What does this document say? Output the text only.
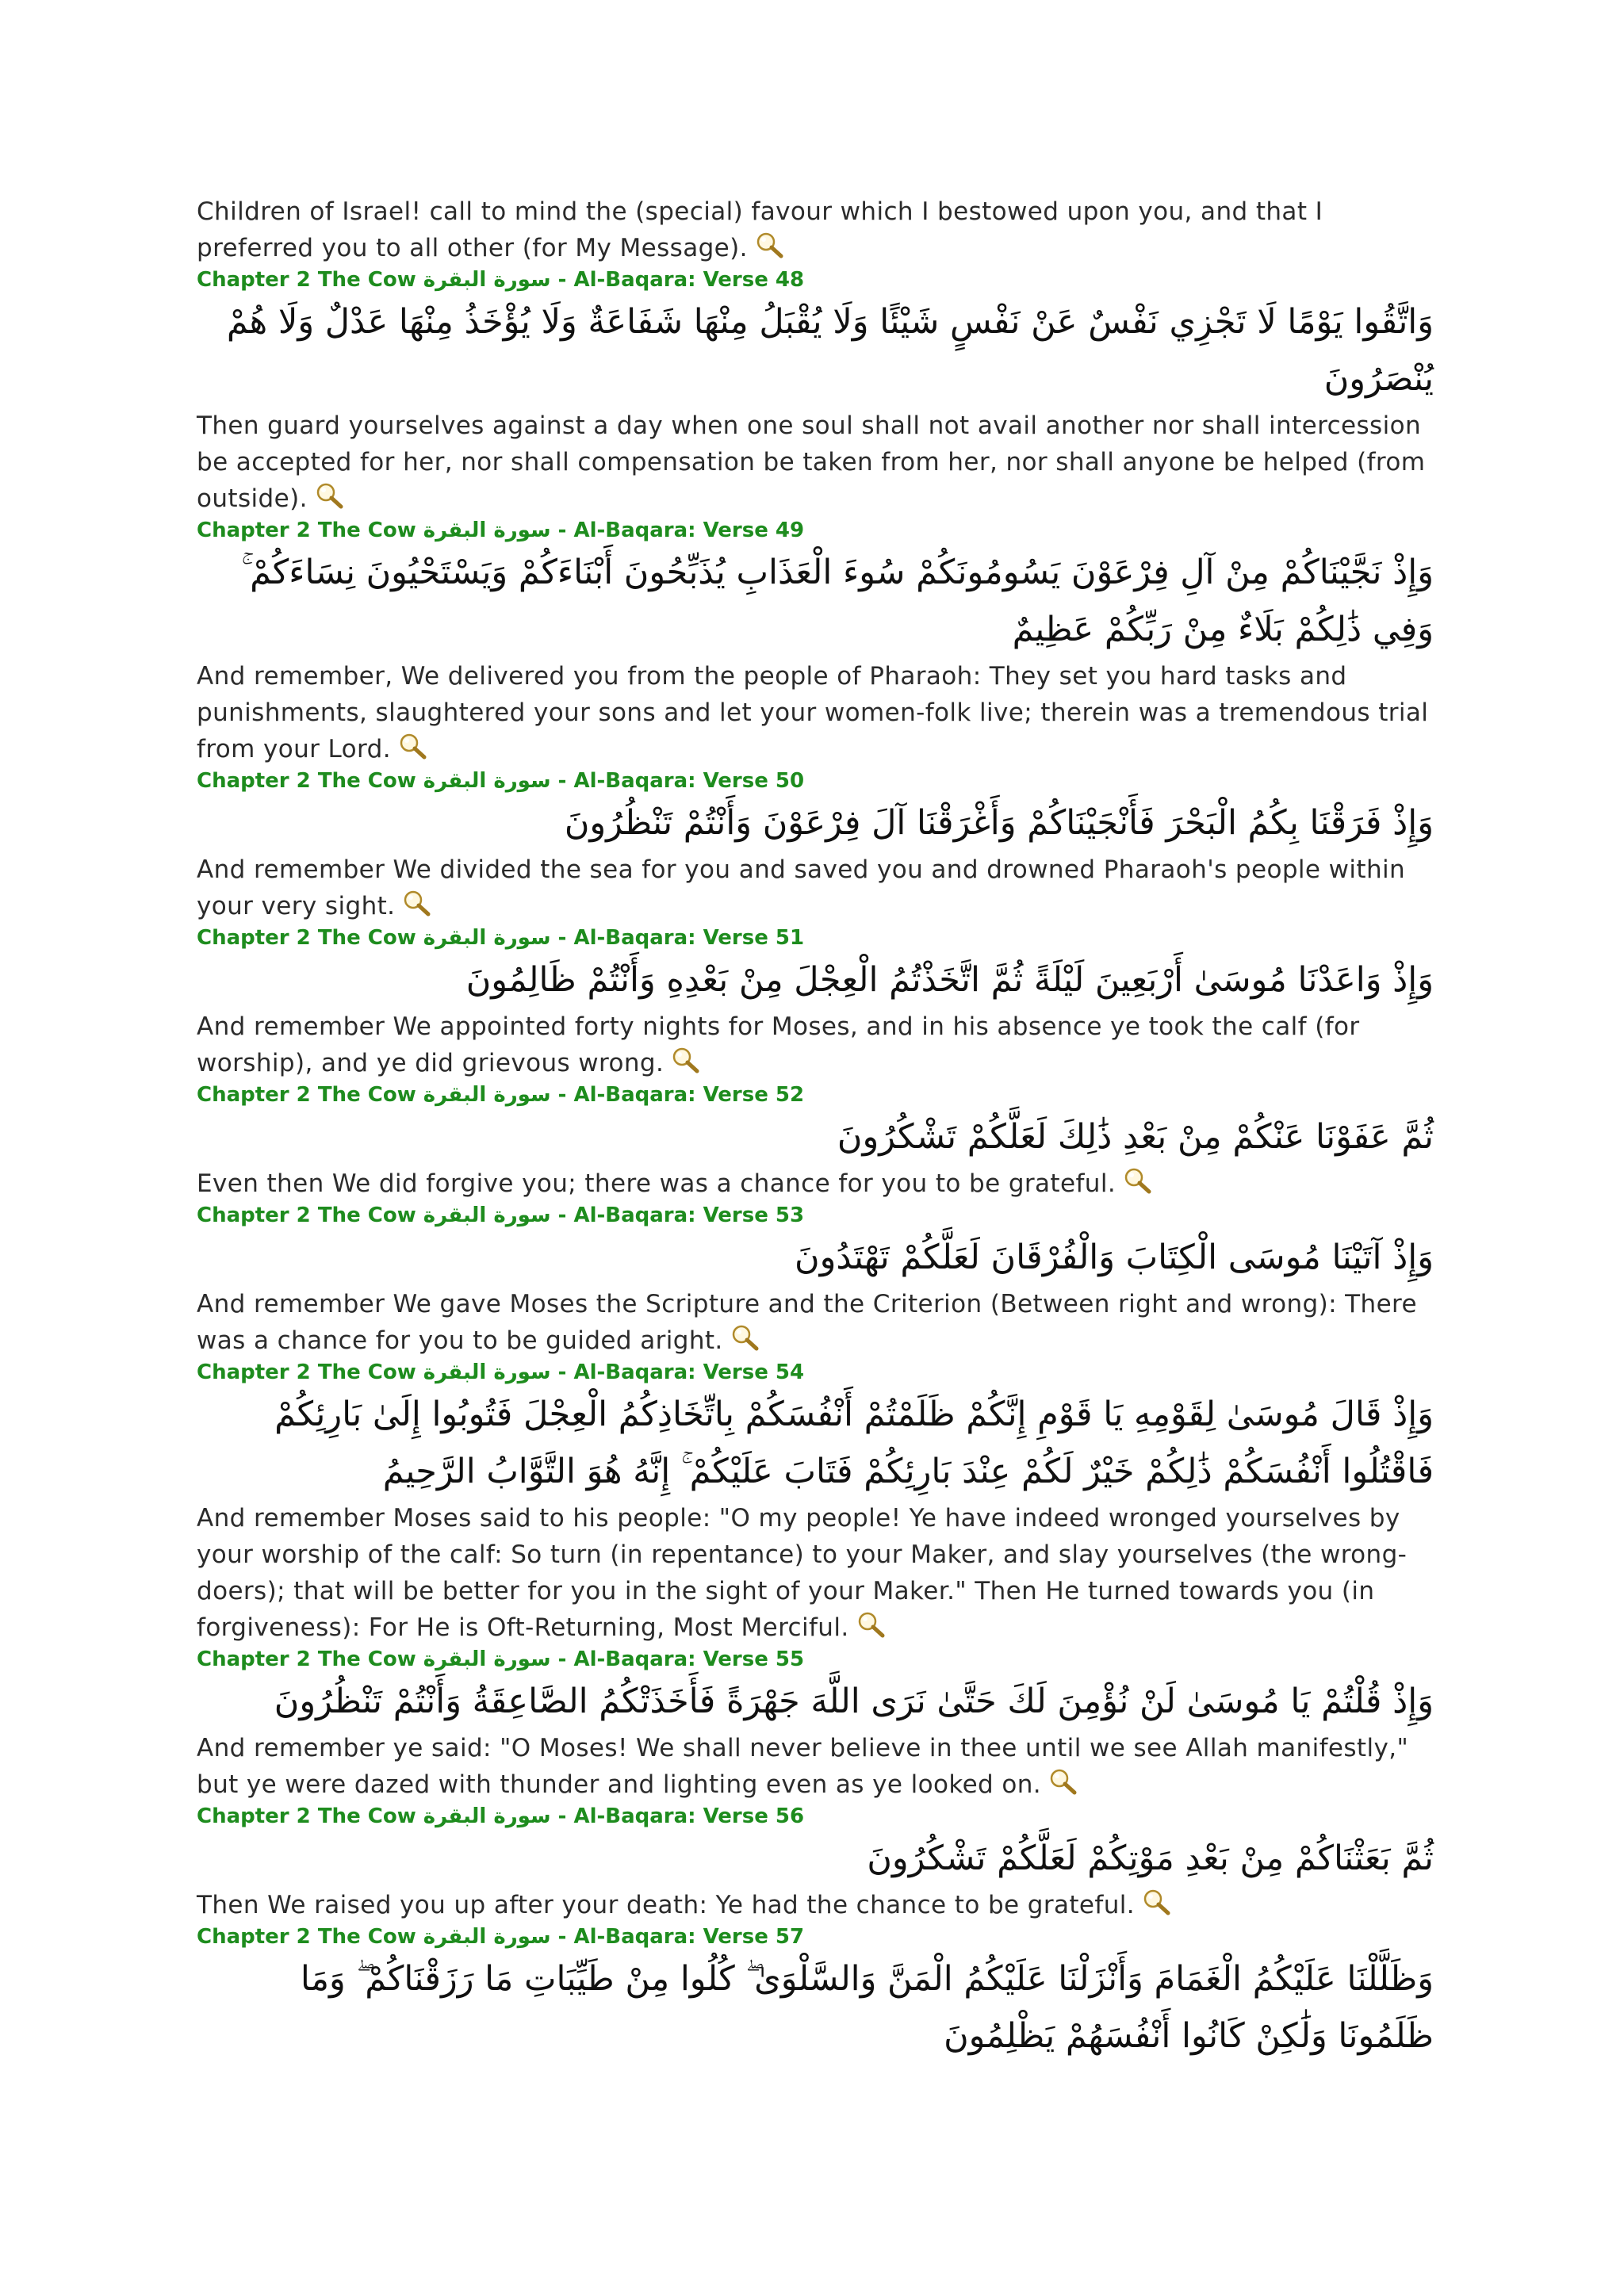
Children of Israel! call to mind the (special) favour which I bestowed upon you, and that I preferred you to all other (for My Message).

Chapter 2 The Cow سورة البقرة - Al-Baqara: Verse 48

وَاتَّقُوا يَوْمًا لَا تَجْزِي نَفْسٌ عَنْ نَفْسٍ شَيْئًا وَلَا يُقْبَلُ مِنْهَا شَفَاعَةٌ وَلَا يُؤْخَذُ مِنْهَا عَدْلٌ وَلَا هُمْ يُنْصَرُونَ

Then guard yourselves against a day when one soul shall not avail another nor shall intercession be accepted for her, nor shall compensation be taken from her, nor shall anyone be helped (from outside).

Chapter 2 The Cow سورة البقرة - Al-Baqara: Verse 49

وَإِذْ نَجَّيْنَاكُمْ مِنْ آلِ فِرْعَوْنَ يَسُومُونَكُمْ سُوءَ الْعَذَابِ يُذَبِّحُونَ أَبْنَاءَكُمْ وَيَسْتَحْيُونَ نِسَاءَكُمْ ۚ وَفِي ذَٰلِكُمْ بَلَاءٌ مِنْ رَبِّكُمْ عَظِيمٌ

And remember, We delivered you from the people of Pharaoh: They set you hard tasks and punishments, slaughtered your sons and let your women-folk live; therein was a tremendous trial from your Lord.

Chapter 2 The Cow سورة البقرة - Al-Baqara: Verse 50

وَإِذْ فَرَقْنَا بِكُمُ الْبَحْرَ فَأَنْجَيْنَاكُمْ وَأَغْرَقْنَا آلَ فِرْعَوْنَ وَأَنْتُمْ تَنْظُرُونَ

And remember We divided the sea for you and saved you and drowned Pharaoh's people within your very sight.

Chapter 2 The Cow سورة البقرة - Al-Baqara: Verse 51

وَإِذْ وَاعَدْنَا مُوسَىٰ أَرْبَعِينَ لَيْلَةً ثُمَّ اتَّخَذْتُمُ الْعِجْلَ مِنْ بَعْدِهِ وَأَنْتُمْ ظَالِمُونَ

And remember We appointed forty nights for Moses, and in his absence ye took the calf (for worship), and ye did grievous wrong.

Chapter 2 The Cow سورة البقرة - Al-Baqara: Verse 52

ثُمَّ عَفَوْنَا عَنْكُمْ مِنْ بَعْدِ ذَٰلِكَ لَعَلَّكُمْ تَشْكُرُونَ

Even then We did forgive you; there was a chance for you to be grateful.

Chapter 2 The Cow سورة البقرة - Al-Baqara: Verse 53

وَإِذْ آتَيْنَا مُوسَى الْكِتَابَ وَالْفُرْقَانَ لَعَلَّكُمْ تَهْتَدُونَ

And remember We gave Moses the Scripture and the Criterion (Between right and wrong): There was a chance for you to be guided aright.

Chapter 2 The Cow سورة البقرة - Al-Baqara: Verse 54

وَإِذْ قَالَ مُوسَىٰ لِقَوْمِهِ يَا قَوْمِ إِنَّكُمْ ظَلَمْتُمْ أَنْفُسَكُمْ بِاتِّخَاذِكُمُ الْعِجْلَ فَتُوبُوا إِلَىٰ بَارِئِكُمْ فَاقْتُلُوا أَنْفُسَكُمْ ذَٰلِكُمْ خَيْرٌ لَكُمْ عِنْدَ بَارِئِكُمْ فَتَابَ عَلَيْكُمْ ۚ إِنَّهُ هُوَ التَّوَّابُ الرَّحِيمُ

And remember Moses said to his people: "O my people! Ye have indeed wronged yourselves by your worship of the calf: So turn (in repentance) to your Maker, and slay yourselves (the wrong-doers); that will be better for you in the sight of your Maker." Then He turned towards you (in forgiveness): For He is Oft-Returning, Most Merciful.

Chapter 2 The Cow سورة البقرة - Al-Baqara: Verse 55

وَإِذْ قُلْتُمْ يَا مُوسَىٰ لَنْ نُؤْمِنَ لَكَ حَتَّىٰ نَرَى اللَّهَ جَهْرَةً فَأَخَذَتْكُمُ الصَّاعِقَةُ وَأَنْتُمْ تَنْظُرُونَ

And remember ye said: "O Moses! We shall never believe in thee until we see Allah manifestly," but ye were dazed with thunder and lighting even as ye looked on.

Chapter 2 The Cow سورة البقرة - Al-Baqara: Verse 56

ثُمَّ بَعَثْنَاكُمْ مِنْ بَعْدِ مَوْتِكُمْ لَعَلَّكُمْ تَشْكُرُونَ

Then We raised you up after your death: Ye had the chance to be grateful.

Chapter 2 The Cow سورة البقرة - Al-Baqara: Verse 57

وَظَلَّلْنَا عَلَيْكُمُ الْغَمَامَ وَأَنْزَلْنَا عَلَيْكُمُ الْمَنَّ وَالسَّلْوَىٰ ۖ كُلُوا مِنْ طَيِّبَاتِ مَا رَزَقْنَاكُمْ ۖ وَمَا ظَلَمُونَا وَلَٰكِنْ كَانُوا أَنْفُسَهُمْ يَظْلِمُونَ
